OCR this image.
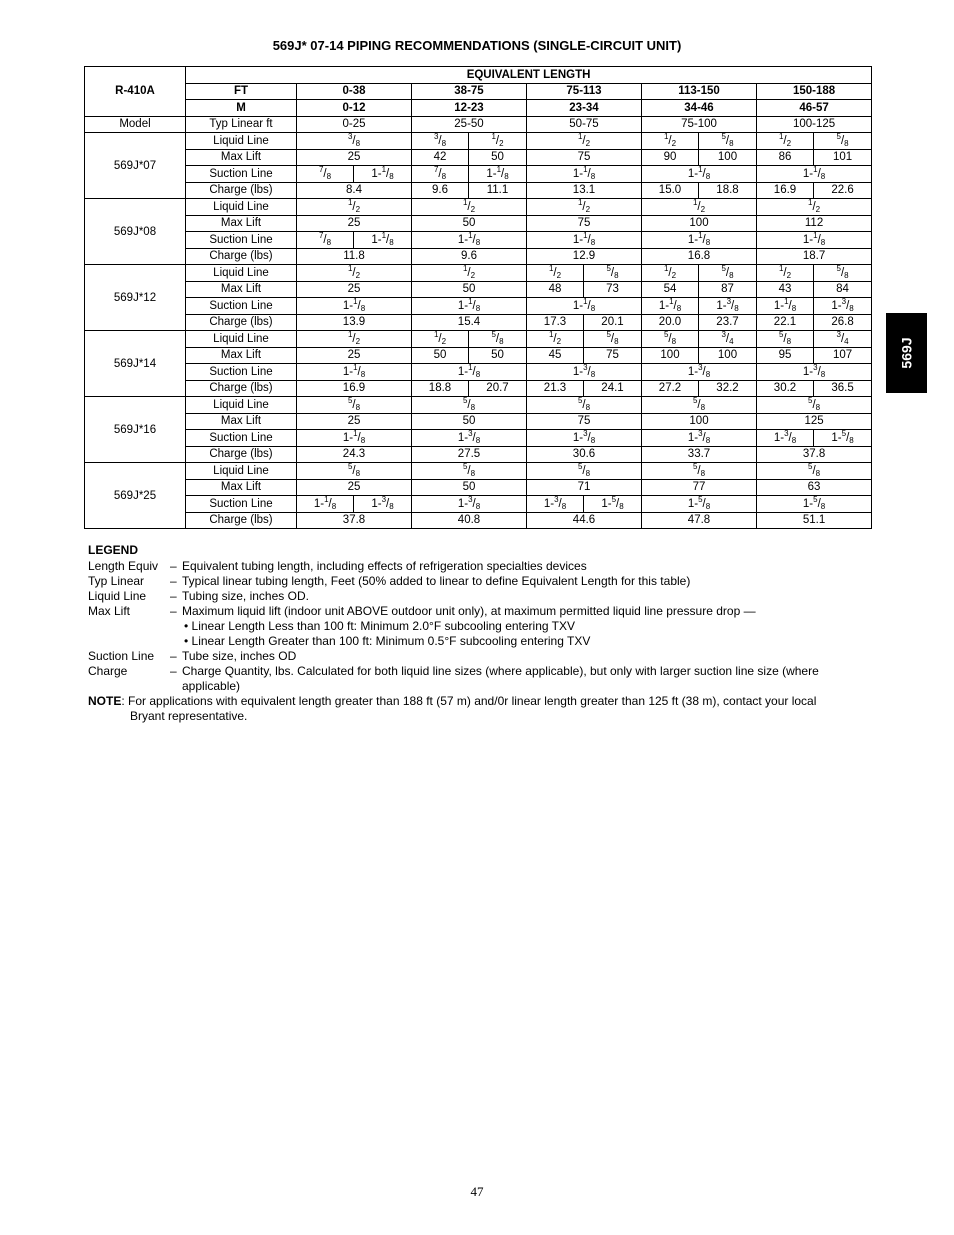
569J* 07-14 PIPING RECOMMENDATIONS (SINGLE-CIRCUIT UNIT)
R-410A	EQUIVALENT LENGTH										
	FT	0-38		38-75		75-113		113-150		150-188	
	M	0-12		12-23		23-34		34-46		46-57	
Model	Typ Linear ft	0-25		25-50		50-75		75-100		100-125	
569J*07	Liquid Line	$^3/_8$		$^3/_8$	$^1/_2$	$^1/_2$		$^1/_2$	$^5/_8$	$^1/_2$	$^5/_8$
	Max Lift	25		42	50	75		90	100	86	101
	Suction Line	$^7/_8$	$1-^1/_8$	$^7/_8$	$1-^1/_8$	$1-^1/_8$		$1-^1/_8$		$1-^1/_8$
	Charge (lbs)	8.4		9.6	11.1	13.1		15.0	18.8	16.9	22.6
569J*08	Liquid Line	$^1/_2$		$^1/_2$		$^1/_2$		$^1/_2$		$^1/_2$
	Max Lift	25		50		75		100		112	
	Suction Line	$^7/_8$	$1-^1/_8$	$1-^1/_8$		$1-^1/_8$		$1-^1/_8$		$1-^1/_8$
	Charge (lbs)	11.8		9.6		12.9		16.8		18.7	
569J*12	Liquid Line	$^1/_2$		$^1/_2$		$^1/_2$	$^5/_8$	$^1/_2$	$^5/_8$	$^1/_2$	$^5/_8$
	Max Lift	25		50		48	73	54	87	43	84
	Suction Line	$1-^1/_8$		$1-^1/_8$		$1-^1/_8$		$1-^1/_8$	$1-^3/_8$	$1-^1/_8$	$1-^3/_8$
	Charge (lbs)	13.9		15.4		17.3	20.1	20.0	23.7	22.1	26.8
569J*14	Liquid Line	$^1/_2$		$^1/_2$	$^5/_8$	$^1/_2$	$^5/_8$	$^5/_8$	$^3/_4$	$^5/_8$	$^3/_4$
	Max Lift	25		50	50	45	75	100	100	95	107
	Suction Line	$1-^1/_8$		$1-^1/_8$		$1-^3/_8$		$1-^3/_8$		$1-^3/_8$
	Charge (lbs)	16.9		18.8	20.7	21.3	24.1	27.2	32.2	30.2	36.5
569J*16	Liquid Line	$^5/_8$		$^5/_8$		$^5/_8$		$^5/_8$		$^5/_8$
	Max Lift	25		50		75		100		125	
	Suction Line	$1-^1/_8$		$1-^3/_8$		$1-^3/_8$		$1-^3/_8$		$1-^3/_8$	$1-^5/_8$
	Charge (lbs)	24.3		27.5		30.6		33.7		37.8	
569J*25	Liquid Line	$^5/_8$		$^5/_8$		$^5/_8$		$^5/_8$		$^5/_8$
	Max Lift	25		50		71		77		63	
	Suction Line	$1-^1/_8$	$1-^3/_8$	$1-^3/_8$		$1-^3/_8$	$1-^5/_8$	$1-^5/_8$		$1-^5/_8$
	Charge (lbs)	37.8		40.8		44.6		47.8		51.1	
LEGEND
Length Equiv – Equivalent tubing length, including effects of refrigeration specialties devices
Typ Linear	– Typical linear tubing length, Feet (50% added to linear to define Equivalent Length for this table)
Liquid Line	– Tubing size, inches OD.
Max Lift	– Maximum liquid lift (indoor unit ABOVE outdoor unit only), at maximum permitted liquid line pressure drop —
• Linear Length Less than 100 ft: Minimum 2.0°F subcooling entering TXV
• Linear Length Greater than 100 ft: Minimum 0.5°F subcooling entering TXV
Suction Line	– Tube size, inches OD
Charge	– Charge Quantity, lbs. Calculated for both liquid line sizes (where applicable), but only with larger suction line size (where applicable)
NOTE: For applications with equivalent length greater than 188 ft (57 m) and/0r linear length greater than 125 ft (38 m), contact your local
Bryant representative.
569J
47
